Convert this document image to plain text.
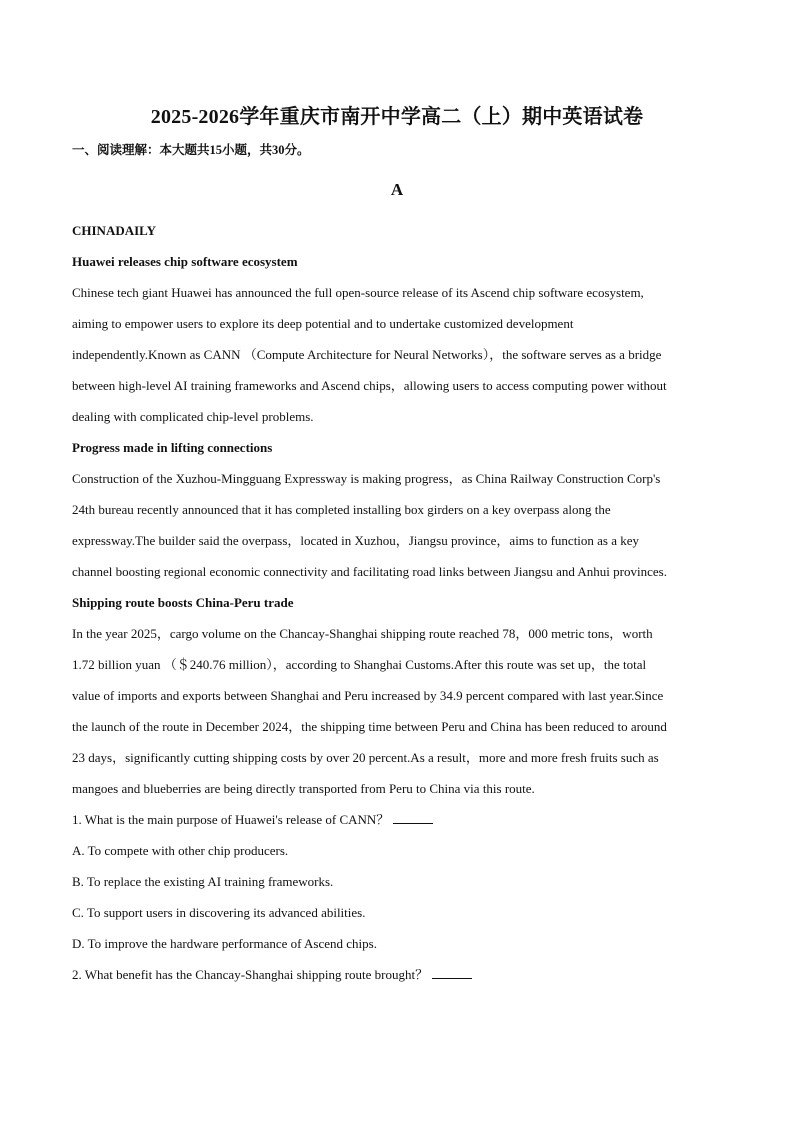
2025-2026学年重庆市南开中学高二（上）期中英语试卷

一、阅读理解：本大题共15小题，共30分。

A

CHINADAILY

Huawei releases chip software ecosystem

Chinese tech giant Huawei has announced the full open-source release of its Ascend chip software ecosystem,
aiming to empower users to explore its deep potential and to undertake customized development
independently.Known as CANN （Compute Architecture for Neural Networks），the software serves as a bridge
between high-level AI training frameworks and Ascend chips，allowing users to access computing power without
dealing with complicated chip-level problems.

Progress made in lifting connections

Construction of the Xuzhou-Mingguang Expressway is making progress，as China Railway Construction Corp's
24th bureau recently announced that it has completed installing box girders on a key overpass along the
expressway.The builder said the overpass，located in Xuzhou，Jiangsu province，aims to function as a key
channel boosting regional economic connectivity and facilitating road links between Jiangsu and Anhui provinces.

Shipping route boosts China-Peru trade

In the year 2025，cargo volume on the Chancay-Shanghai shipping route reached 78，000 metric tons，worth
1.72 billion yuan （＄240.76 million），according to Shanghai Customs.After this route was set up，the total
value of imports and exports between Shanghai and Peru increased by 34.9 percent compared with last year.Since
the launch of the route in December 2024，the shipping time between Peru and China has been reduced to around
23 days，significantly cutting shipping costs by over 20 percent.As a result，more and more fresh fruits such as
mangoes and blueberries are being directly transported from Peru to China via this route.

1. What is the main purpose of Huawei's release of CANN？

A. To compete with other chip producers.

B. To replace the existing AI training frameworks.

C. To support users in discovering its advanced abilities.

D. To improve the hardware performance of Ascend chips.

2. What benefit has the Chancay-Shanghai shipping route brought？
